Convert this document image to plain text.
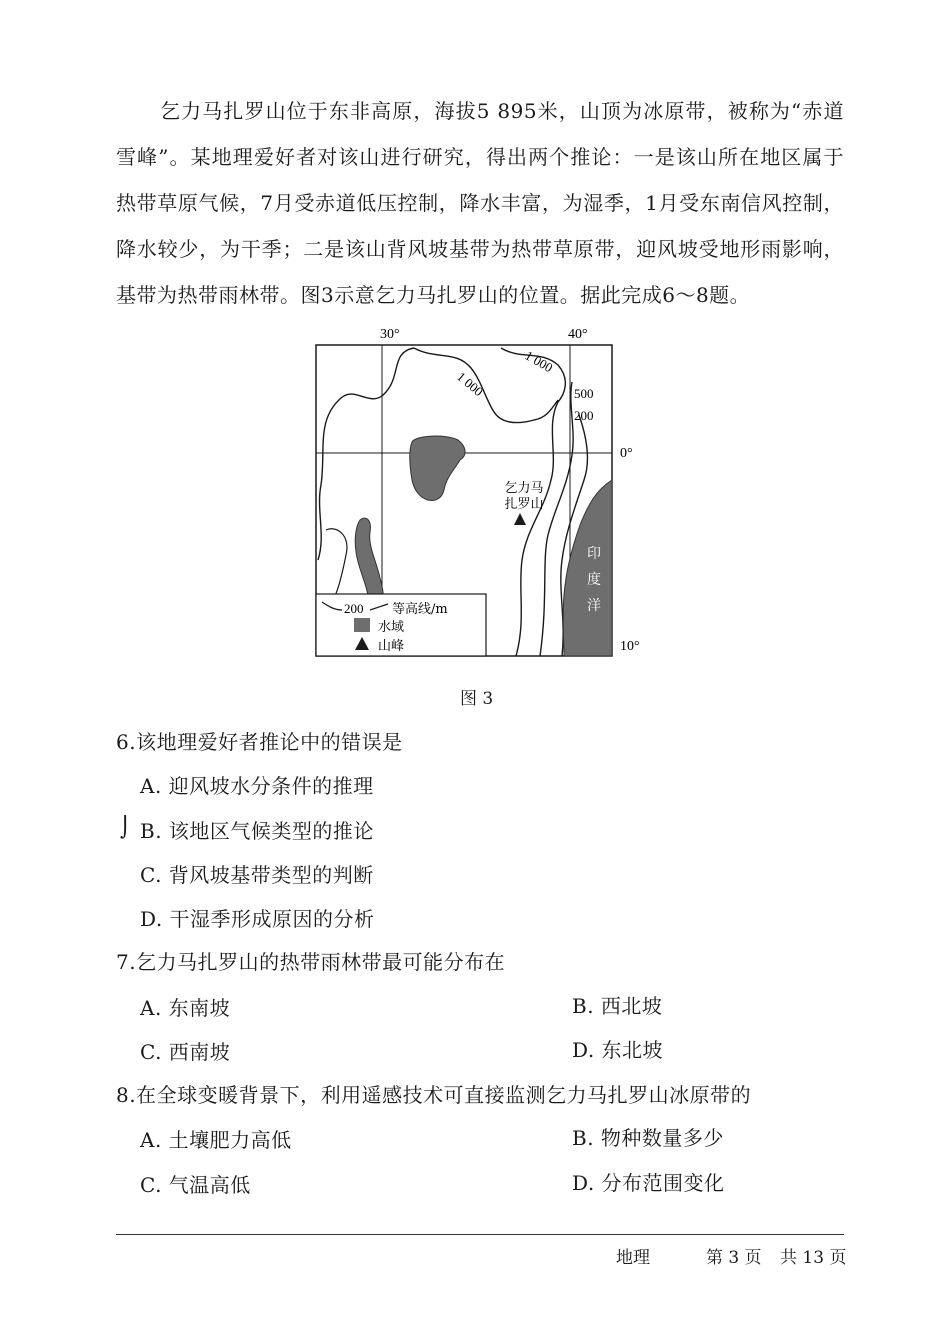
乞力马扎罗山位于东非高原，海拔5 895米，山顶为冰原带，被称为“赤道雪峰”。某地理爱好者对该山进行研究，得出两个推论：一是该山所在地区属于热带草原气候，7月受赤道低压控制，降水丰富，为湿季，1月受东南信风控制，降水较少，为干季；二是该山背风坡基带为热带草原带，迎风坡受地形雨影响，基带为热带雨林带。图3示意乞力马扎罗山的位置。据此完成6～8题。

30°	40°
0°
10°
1 000
1 000
500
200
印
度
洋
乞力马
扎罗山
200 等高线/m
水域
山峰
图 3
6.该地理爱好者推论中的错误是
A. 迎风坡水分条件的推理
⌡ B. 该地区气候类型的推论
C. 背风坡基带类型的判断
D. 干湿季形成原因的分析
7.乞力马扎罗山的热带雨林带最可能分布在
A. 东南坡	B. 西北坡
C. 西南坡	D. 东北坡
8.在全球变暖背景下，利用遥感技术可直接监测乞力马扎罗山冰原带的
A. 土壤肥力高低	B. 物种数量多少
C. 气温高低	D. 分布范围变化
地理	第 3 页 共 13 页
